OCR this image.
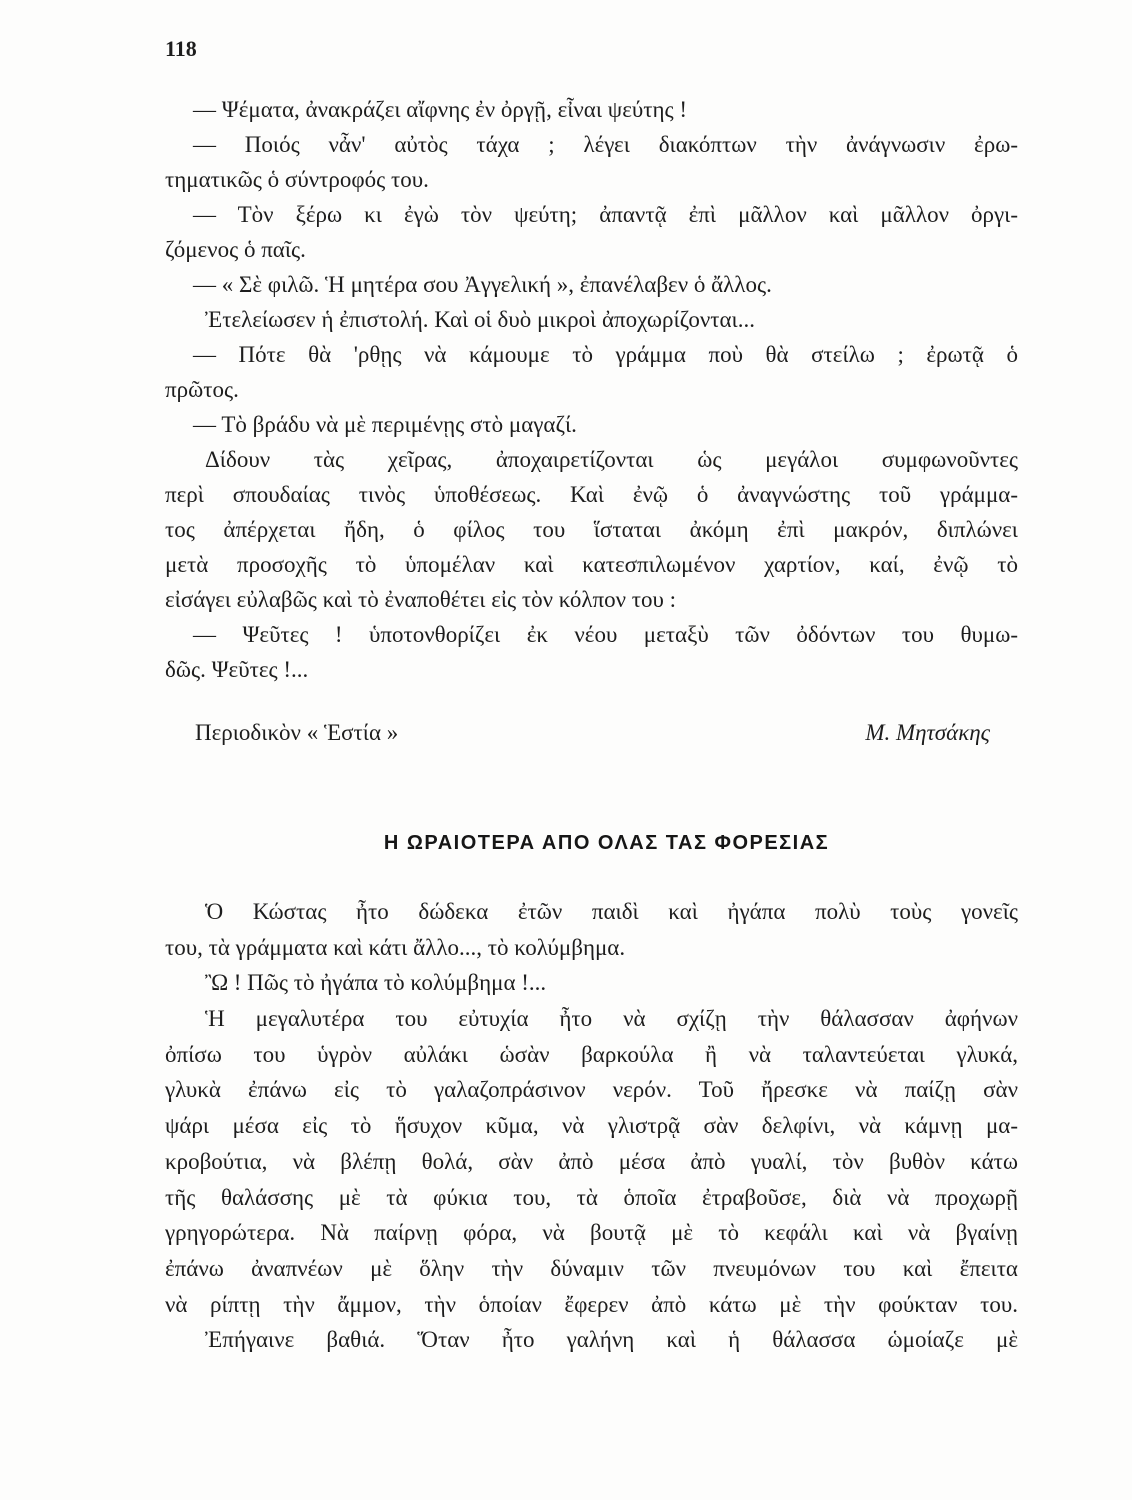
118
— Ψέματα, ἀνακράζει αἴφνης ἐν ὀργῇ, εἶναι ψεύτης !
— Ποιός νἆν' αὐτὸς τάχα ; λέγει διακόπτων τὴν ἀνάγνωσιν ἐρω-
τηματικῶς ὁ σύντροφός του.
— Τὸν ξέρω κι ἐγὼ τὸν ψεύτη; ἀπαντᾷ ἐπὶ μᾶλλον καὶ μᾶλλον ὀργι-
ζόμενος ὁ παῖς.
— « Σὲ φιλῶ. Ἡ μητέρα σου Ἀγγελική », ἐπανέλαβεν ὁ ἄλλος.
Ἐτελείωσεν ἡ ἐπιστολή. Καὶ οἱ δυὸ μικροὶ ἀποχωρίζονται...
— Πότε θὰ 'ρθῃς νὰ κάμουμε τὸ γράμμα ποὺ θὰ στείλω ; ἐρωτᾷ ὁ
πρῶτος.
— Τὸ βράδυ νὰ μὲ περιμένῃς στὸ μαγαζί.
Δίδουν τὰς χεῖρας, ἀποχαιρετίζονται ὡς μεγάλοι συμφωνοῦντες
περὶ σπουδαίας τινὸς ὑποθέσεως. Καὶ ἐνῷ ὁ ἀναγνώστης τοῦ γράμμα-
τος ἀπέρχεται ἤδη, ὁ φίλος του ἵσταται ἀκόμη ἐπὶ μακρόν, διπλώνει
μετὰ προσοχῆς τὸ ὑπομέλαν καὶ κατεσπιλωμένον χαρτίον, καί, ἐνῷ τὸ
εἰσάγει εὐλαβῶς καὶ τὸ ἐναποθέτει εἰς τὸν κόλπον του :
— Ψεῦτες ! ὑποτονθορίζει ἐκ νέου μεταξὺ τῶν ὀδόντων του θυμω-
δῶς. Ψεῦτες !...
Περιοδικὸν « Ἑστία »	Μ. Μητσάκης
Η ΩΡΑΙΟΤΕΡΑ ΑΠΟ ΟΛΑΣ ΤΑΣ ΦΟΡΕΣΙΑΣ
Ὁ Κώστας ἦτο δώδεκα ἐτῶν παιδὶ καὶ ἠγάπα πολὺ τοὺς γονεῖς
του, τὰ γράμματα καὶ κάτι ἄλλο..., τὸ κολύμβημα.
Ὢ ! Πῶς τὸ ἠγάπα τὸ κολύμβημα !...
Ἡ μεγαλυτέρα του εὐτυχία ἦτο νὰ σχίζῃ τὴν θάλασσαν ἀφήνων
ὀπίσω του ὑγρὸν αὐλάκι ὡσὰν βαρκούλα ἢ νὰ ταλαντεύεται γλυκά,
γλυκὰ ἐπάνω εἰς τὸ γαλαζοπράσινον νερόν. Τοῦ ἤρεσκε νὰ παίζῃ σὰν
ψάρι μέσα εἰς τὸ ἥσυχον κῦμα, νὰ γλιστρᾷ σὰν δελφίνι, νὰ κάμνῃ μα-
κροβούτια, νὰ βλέπῃ θολά, σὰν ἀπὸ μέσα ἀπὸ γυαλί, τὸν βυθὸν κάτω
τῆς θαλάσσης μὲ τὰ φύκια του, τὰ ὁποῖα ἐτραβοῦσε, διὰ νὰ προχωρῇ
γρηγορώτερα. Νὰ παίρνῃ φόρα, νὰ βουτᾷ μὲ τὸ κεφάλι καὶ νὰ βγαίνῃ
ἐπάνω ἀναπνέων μὲ ὅλην τὴν δύναμιν τῶν πνευμόνων του καὶ ἔπειτα
νὰ ρίπτῃ τὴν ἄμμον, τὴν ὁποίαν ἔφερεν ἀπὸ κάτω μὲ τὴν φούκταν του.
Ἐπήγαινε βαθιά. Ὅταν ἦτο γαλήνη καὶ ἡ θάλασσα ὡμοίαζε μὲ
